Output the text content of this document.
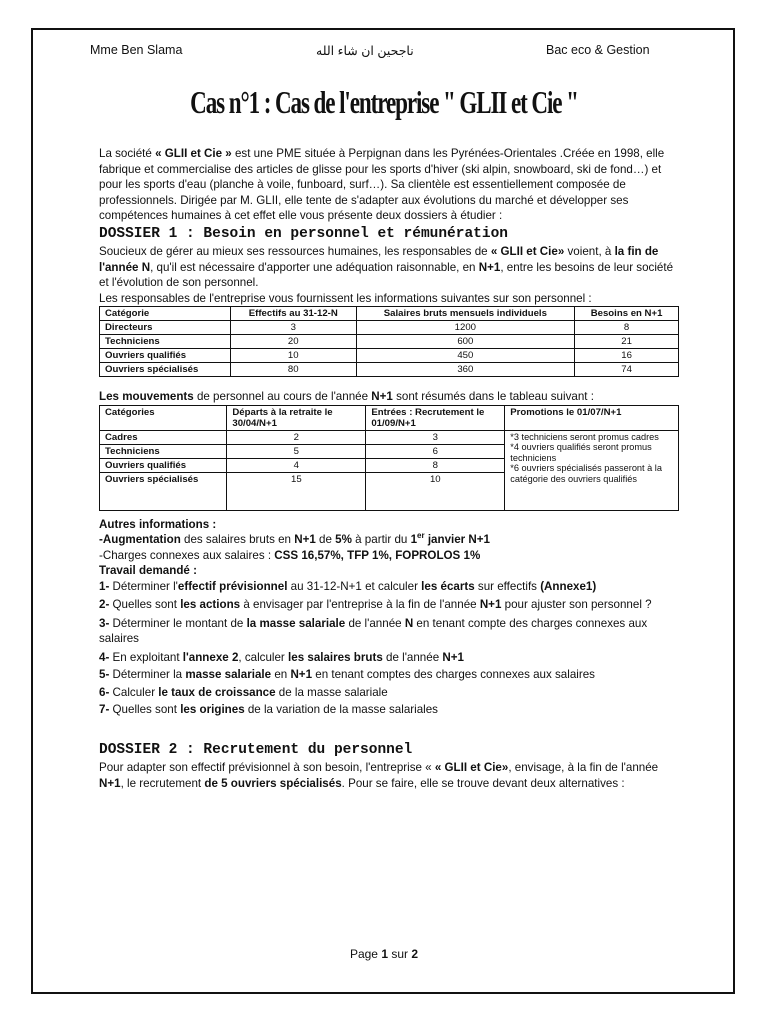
Mme Ben Slama	ناجحين ان شاء الله	Bac eco & Gestion
Cas n°1 : Cas de l'entreprise " GLII et Cie "

La société « GLII et Cie » est une PME située à Perpignan dans les Pyrénées-Orientales .Créée en 1998, elle fabrique et commercialise des articles de glisse pour les sports d'hiver (ski alpin, snowboard, ski de fond…) et pour les sports d'eau (planche à voile, funboard, surf…). Sa clientèle est essentiellement composée de professionnels. Dirigée par M. GLII, elle tente de s'adapter aux évolutions du marché et développer ses compétences humaines à cet effet elle vous présente deux dossiers à étudier :

DOSSIER 1 : Besoin en personnel et rémunération

Soucieux de gérer au mieux ses ressources humaines, les responsables de « GLII et Cie» voient, à la fin de l'année N, qu'il est nécessaire d'apporter une adéquation raisonnable, en N+1, entre les besoins de leur société et l'évolution de son personnel.

Les responsables de l'entreprise vous fournissent les informations suivantes sur son personnel :

Catégorie	Effectifs au 31-12-N	Salaires bruts mensuels individuels	Besoins en N+1
Directeurs	3	1200	8
Techniciens	20	600	21
Ouvriers qualifiés	10	450	16
Ouvriers spécialisés	80	360	74

Les mouvements de personnel au cours de l'année N+1 sont résumés dans le tableau suivant :

Catégories	Départs à la retraite le 30/04/N+1	Entrées : Recrutement le 01/09/N+1	Promotions le 01/07/N+1
Cadres	2	3	*3 techniciens seront promus cadres
*4 ouvriers qualifiés seront promus techniciens
*6 ouvriers spécialisés passeront à la catégorie des ouvriers qualifiés

Techniciens	5	6	
Ouvriers qualifiés	4	8	
Ouvriers spécialisés	15	10	

Autres informations :

-Augmentation des salaires bruts en N+1 de 5% à partir du 1er janvier N+1

-Charges connexes aux salaires : CSS 16,57%, TFP 1%, FOPROLOS 1%

Travail demandé :

1- Déterminer l'effectif prévisionnel au 31-12-N+1 et calculer les écarts sur effectifs (Annexe1)

2- Quelles sont les actions à envisager par l'entreprise à la fin de l'année N+1 pour ajuster son personnel ?

3- Déterminer le montant de la masse salariale de l'année N en tenant compte des charges connexes aux salaires

4- En exploitant l'annexe 2, calculer les salaires bruts de l'année N+1

5- Déterminer la masse salariale en N+1 en tenant comptes des charges connexes aux salaires

6- Calculer le taux de croissance de la masse salariale

7- Quelles sont les origines de la variation de la masse salariales

DOSSIER 2 : Recrutement du personnel

Pour adapter son effectif prévisionnel à son besoin, l'entreprise « « GLII et Cie», envisage, à la fin de l'année N+1, le recrutement de 5 ouvriers spécialisés. Pour se faire, elle se trouve devant deux alternatives :

Page 1 sur 2
